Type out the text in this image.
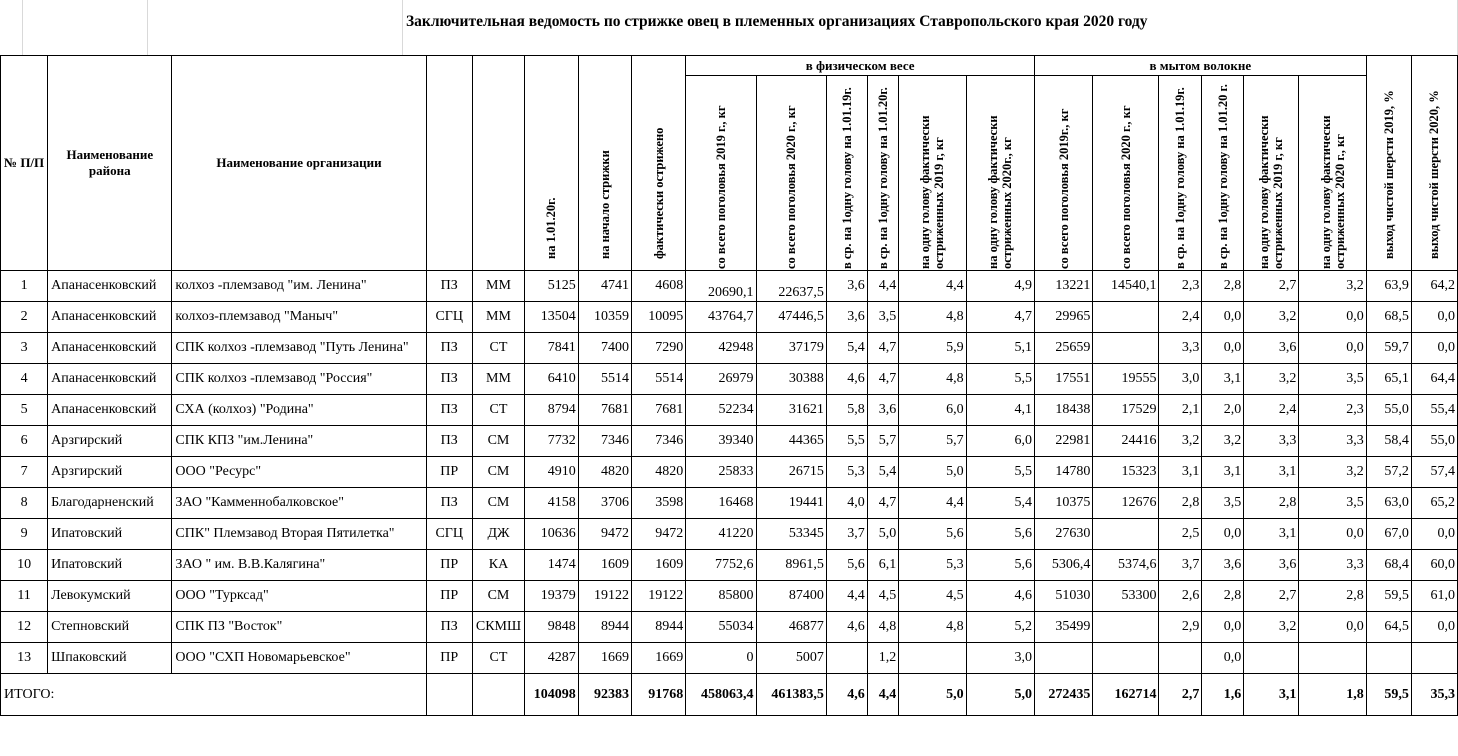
Заключительная ведомость по стрижке овец в племенных организациях Ставропольского края 2020 году
№ П/П	Наименование района	Наименование организации			на 1.01.20г.	на начало стрижки	фактически острижено	в физическом весе						в мытом волокне						выход чистой шерсти 2019, %	выход чистой шерсти 2020, %

								со всего поголовья 2019 г., кг	со всего поголовья 2020 г., кг	в ср. на 1одну голову на 1.01.19г.	в ср. на 1одну голову на 1.01.20г.	на одну голову фактически остриженных 2019 г, кг	на одну голову фактически остриженных 2020г., кг	со всего поголовья 2019г., кг	со всего поголовья 2020 г., кг	в ср. на 1одну голову на 1.01.19г.	в ср. на 1одну голову на 1.01.20 г.	на одну голову фактически остриженных 2019 г, кг	на одну голову фактически остриженных 2020 г., кг		

1	Апанасенковский	колхоз -племзавод "им. Ленина"	ПЗ	ММ	5125	4741	4608	20690,1	22637,5	3,6	4,4	4,4	4,9	13221	14540,1	2,3	2,8	2,7	3,2	63,9	64,2
2	Апанасенковский	колхоз-племзавод "Маныч"	СГЦ	ММ	13504	10359	10095	43764,7	47446,5	3,6	3,5	4,8	4,7	29965		2,4	0,0	3,2	0,0	68,5	0,0
3	Апанасенковский	СПК колхоз -племзавод "Путь Ленина"	ПЗ	СТ	7841	7400	7290	42948	37179	5,4	4,7	5,9	5,1	25659		3,3	0,0	3,6	0,0	59,7	0,0
4	Апанасенковский	СПК колхоз -племзавод "Россия"	ПЗ	ММ	6410	5514	5514	26979	30388	4,6	4,7	4,8	5,5	17551	19555	3,0	3,1	3,2	3,5	65,1	64,4
5	Апанасенковский	СХА (колхоз) "Родина"	ПЗ	СТ	8794	7681	7681	52234	31621	5,8	3,6	6,0	4,1	18438	17529	2,1	2,0	2,4	2,3	55,0	55,4
6	Арзгирский	СПК КПЗ "им.Ленина"	ПЗ	СМ	7732	7346	7346	39340	44365	5,5	5,7	5,7	6,0	22981	24416	3,2	3,2	3,3	3,3	58,4	55,0
7	Арзгирский	ООО "Ресурс"	ПР	СМ	4910	4820	4820	25833	26715	5,3	5,4	5,0	5,5	14780	15323	3,1	3,1	3,1	3,2	57,2	57,4
8	Благодарненский	ЗАО "Камменнобалковское"	ПЗ	СМ	4158	3706	3598	16468	19441	4,0	4,7	4,4	5,4	10375	12676	2,8	3,5	2,8	3,5	63,0	65,2
9	Ипатовский	СПК" Племзавод Вторая Пятилетка"	СГЦ	ДЖ	10636	9472	9472	41220	53345	3,7	5,0	5,6	5,6	27630		2,5	0,0	3,1	0,0	67,0	0,0
10	Ипатовский	ЗАО " им. В.В.Калягина"	ПР	КА	1474	1609	1609	7752,6	8961,5	5,6	6,1	5,3	5,6	5306,4	5374,6	3,7	3,6	3,6	3,3	68,4	60,0
11	Левокумский	ООО "Турксад"	ПР	СМ	19379	19122	19122	85800	87400	4,4	4,5	4,5	4,6	51030	53300	2,6	2,8	2,7	2,8	59,5	61,0
12	Степновский	СПК ПЗ "Восток"	ПЗ	СКМШ	9848	8944	8944	55034	46877	4,6	4,8	4,8	5,2	35499		2,9	0,0	3,2	0,0	64,5	0,0
13	Шпаковский	ООО "СХП Новомарьевское"	ПР	СТ	4287	1669	1669	0	5007		1,2		3,0				0,0				
ИТОГО:					104098	92383	91768	458063,4	461383,5	4,6	4,4	5,0	5,0	272435	162714	2,7	1,6	3,1	1,8	59,5	35,3
